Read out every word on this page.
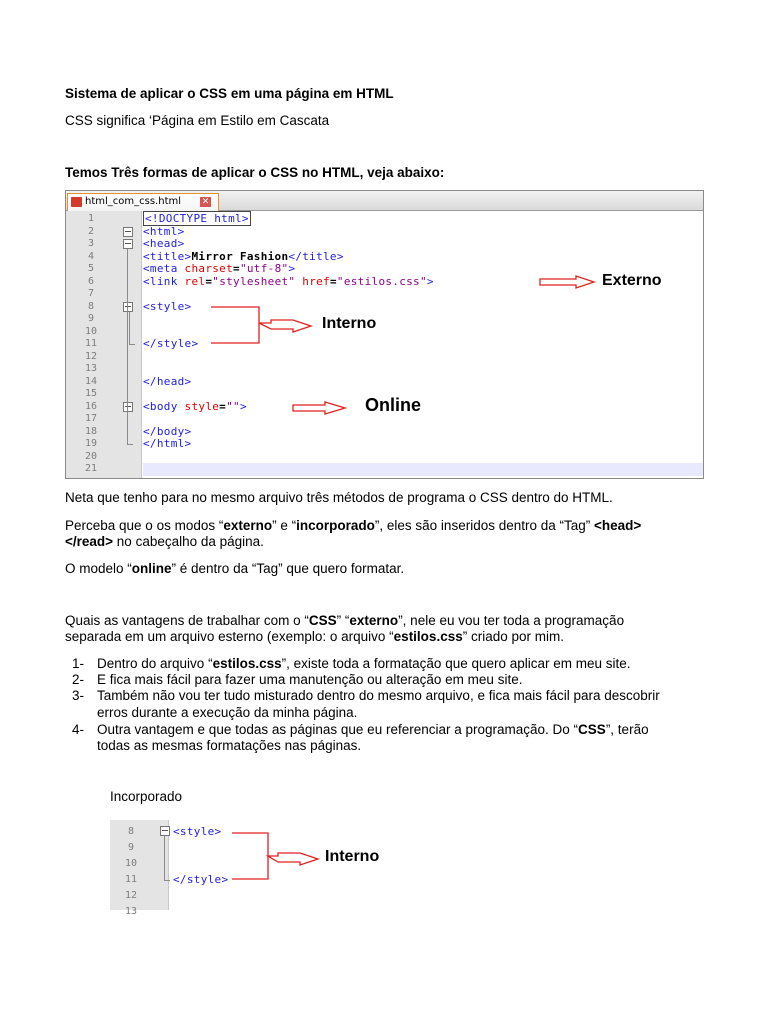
Sistema de aplicar o CSS em uma página em HTML
CSS significa ‘Página em Estilo em Cascata
Temos Três formas de aplicar o CSS no HTML, veja abaixo:
html_com_css.html ✕
1
2
3
4
5
6
7
8
9
10
11
12
13
14
15
16
17
18
19
20
21
<!DOCTYPE html>
<html>
<head>
<title>Mirror Fashion</title>
<meta charset="utf-8">
<link rel="stylesheet" href="estilos.css">
<style>
</style>
</head>
<body style="">
</body>
</html>
Externo
Interno
Online
Neta que tenho para no mesmo arquivo três métodos de programa o CSS dentro do HTML.
Perceba que o os modos “externo” e “incorporado”, eles são inseridos dentro da “Tag” <head>
</read> no cabeçalho da página.
O modelo “online” é dentro da “Tag” que quero formatar.
Quais as vantagens de trabalhar com o “CSS” “externo”, nele eu vou ter toda a programação
separada em um arquivo esterno (exemplo: o arquivo “estilos.css” criado por mim.
1- Dentro do arquivo “estilos.css”, existe toda a formatação que quero aplicar em meu site.
2- E fica mais fácil para fazer uma manutenção ou alteração em meu site.
3- Também não vou ter tudo misturado dentro do mesmo arquivo, e fica mais fácil para descobrir
erros durante a execução da minha página.
4- Outra vantagem e que todas as páginas que eu referenciar a programação. Do “CSS”, terão
todas as mesmas formatações nas páginas.
Incorporado
8
9
10
11
12
13
<style>
</style>
Interno
